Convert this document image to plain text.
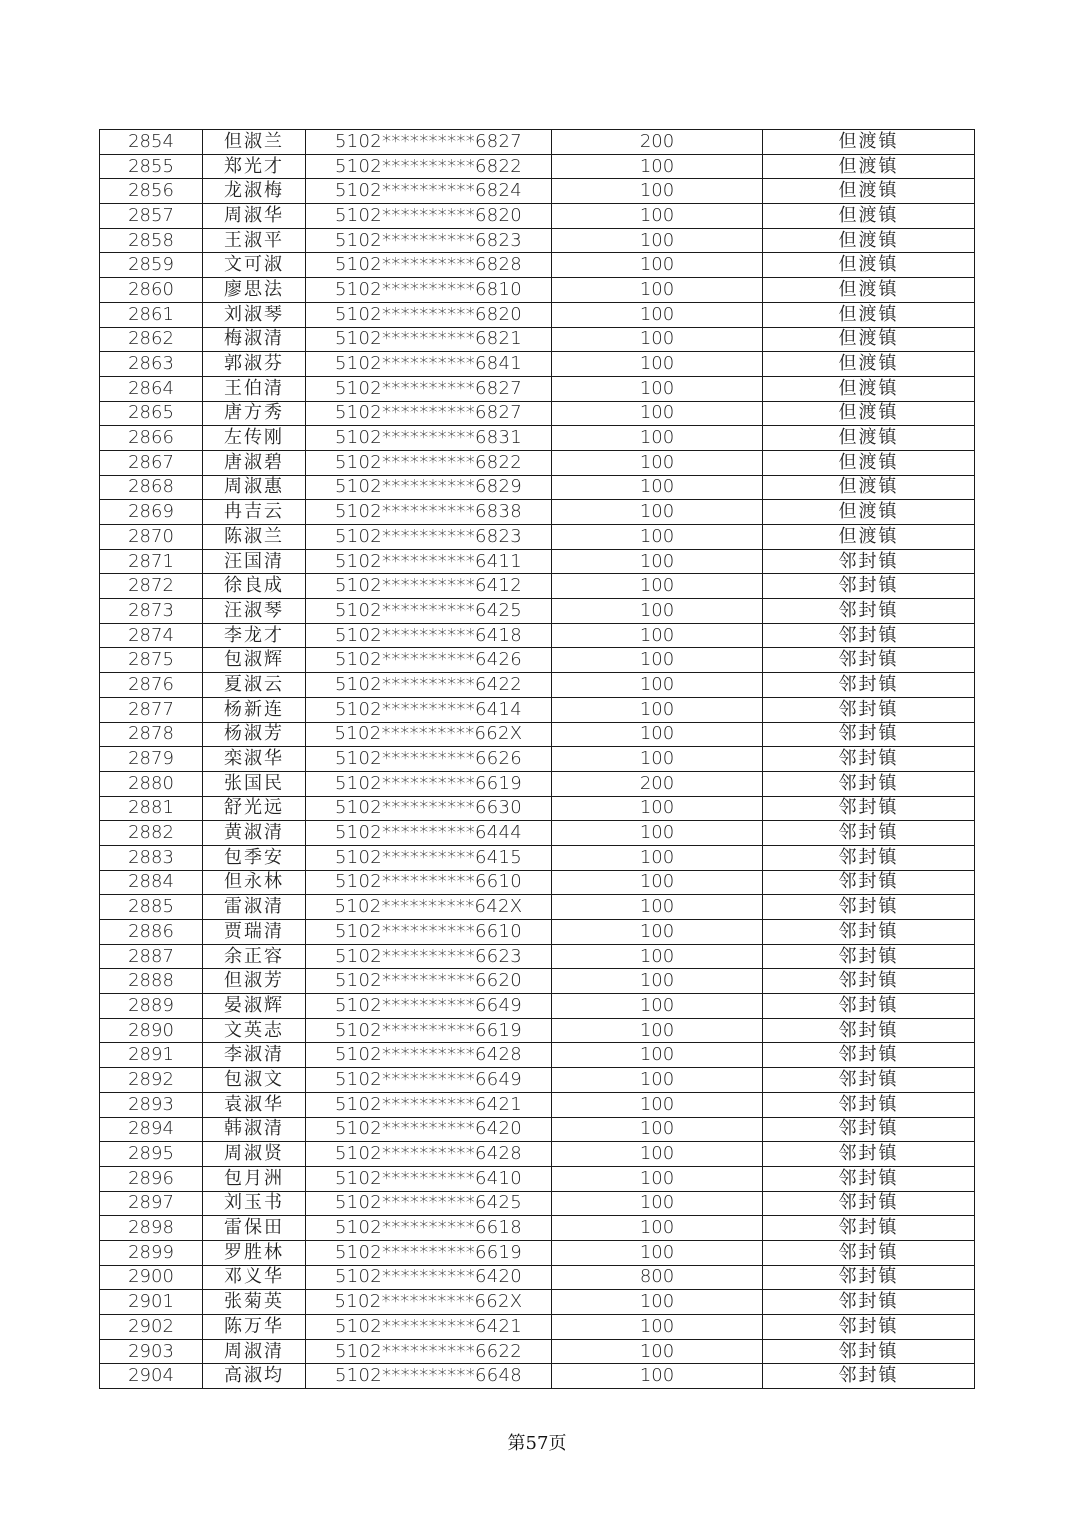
2854	但淑兰	5102**********6827	200	但渡镇
2855	郑光才	5102**********6822	100	但渡镇
2856	龙淑梅	5102**********6824	100	但渡镇
2857	周淑华	5102**********6820	100	但渡镇
2858	王淑平	5102**********6823	100	但渡镇
2859	文可淑	5102**********6828	100	但渡镇
2860	廖思法	5102**********6810	100	但渡镇
2861	刘淑琴	5102**********6820	100	但渡镇
2862	梅淑清	5102**********6821	100	但渡镇
2863	郭淑芬	5102**********6841	100	但渡镇
2864	王伯清	5102**********6827	100	但渡镇
2865	唐方秀	5102**********6827	100	但渡镇
2866	左传刚	5102**********6831	100	但渡镇
2867	唐淑碧	5102**********6822	100	但渡镇
2868	周淑惠	5102**********6829	100	但渡镇
2869	冉吉云	5102**********6838	100	但渡镇
2870	陈淑兰	5102**********6823	100	但渡镇
2871	汪国清	5102**********6411	100	邻封镇
2872	徐良成	5102**********6412	100	邻封镇
2873	汪淑琴	5102**********6425	100	邻封镇
2874	李龙才	5102**********6418	100	邻封镇
2875	包淑辉	5102**********6426	100	邻封镇
2876	夏淑云	5102**********6422	100	邻封镇
2877	杨新连	5102**********6414	100	邻封镇
2878	杨淑芳	5102**********662X	100	邻封镇
2879	栾淑华	5102**********6626	100	邻封镇
2880	张国民	5102**********6619	200	邻封镇
2881	舒光远	5102**********6630	100	邻封镇
2882	黄淑清	5102**********6444	100	邻封镇
2883	包季安	5102**********6415	100	邻封镇
2884	但永林	5102**********6610	100	邻封镇
2885	雷淑清	5102**********642X	100	邻封镇
2886	贾瑞清	5102**********6610	100	邻封镇
2887	余正容	5102**********6623	100	邻封镇
2888	但淑芳	5102**********6620	100	邻封镇
2889	晏淑辉	5102**********6649	100	邻封镇
2890	文英志	5102**********6619	100	邻封镇
2891	李淑清	5102**********6428	100	邻封镇
2892	包淑文	5102**********6649	100	邻封镇
2893	袁淑华	5102**********6421	100	邻封镇
2894	韩淑清	5102**********6420	100	邻封镇
2895	周淑贤	5102**********6428	100	邻封镇
2896	包月洲	5102**********6410	100	邻封镇
2897	刘玉书	5102**********6425	100	邻封镇
2898	雷保田	5102**********6618	100	邻封镇
2899	罗胜林	5102**********6619	100	邻封镇
2900	邓义华	5102**********6420	800	邻封镇
2901	张菊英	5102**********662X	100	邻封镇
2902	陈万华	5102**********6421	100	邻封镇
2903	周淑清	5102**********6622	100	邻封镇
2904	高淑均	5102**********6648	100	邻封镇
第57页
